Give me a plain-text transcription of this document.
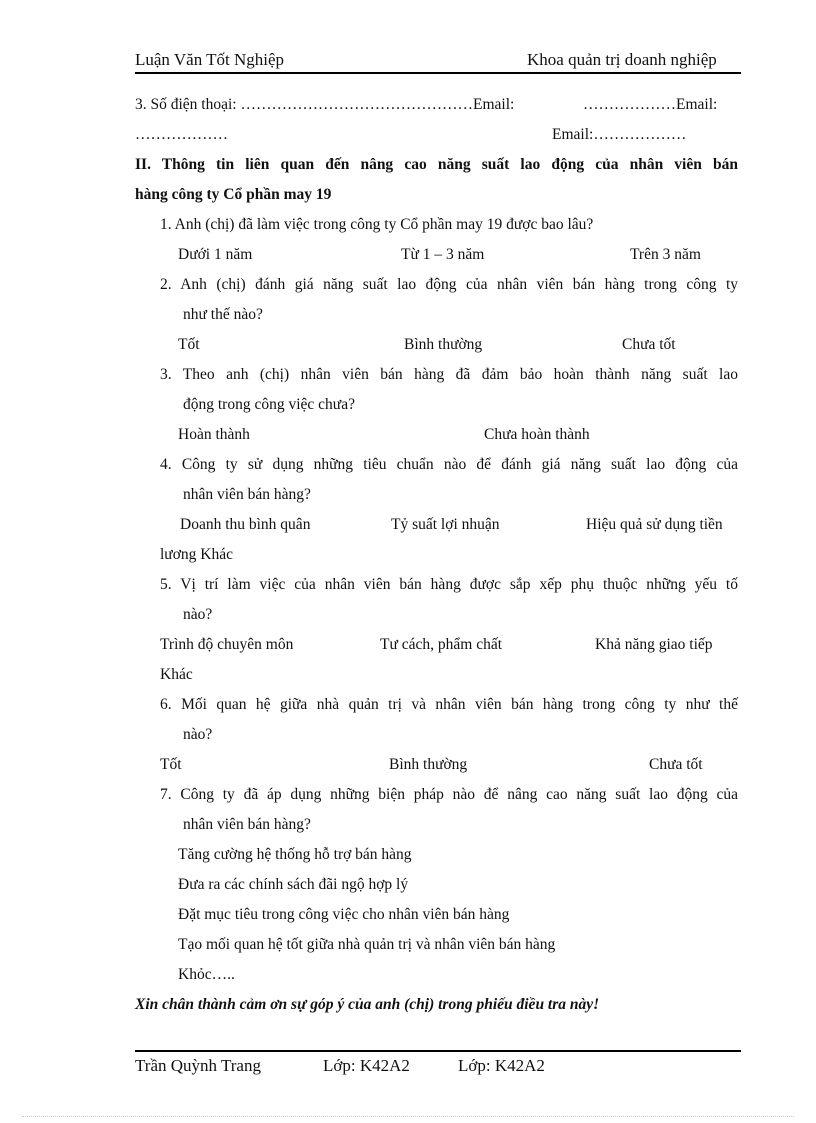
Luận Văn Tốt Nghiệp	Khoa quản trị doanh nghiệp
3. Số điện thoại: ………………………………………Email:	………………Email:
………………	Email:………………
II. Thông tin liên quan đến nâng cao năng suất lao động của nhân viên bán
hàng công ty Cổ phần may 19
1. Anh (chị) đã làm việc trong công ty Cổ phần may 19 được bao lâu?
Dưới 1 năm	Từ 1 – 3 năm	Trên 3 năm
2. Anh (chị) đánh giá năng suất lao động của nhân viên bán hàng trong công ty
như thế nào?
Tốt	Bình thường	Chưa tốt
3. Theo anh (chị) nhân viên bán hàng đã đảm bảo hoàn thành năng suất lao
động trong công việc chưa?
Hoàn thành	Chưa hoàn thành
4. Công ty sử dụng những tiêu chuẩn nào để đánh giá năng suất lao động của
nhân viên bán hàng?
Doanh thu bình quân	Tỷ suất lợi nhuận	Hiệu quả sử dụng tiền
lương Khác
5. Vị trí làm việc của nhân viên bán hàng được sắp xếp phụ thuộc những yếu tố
nào?
Trình độ chuyên môn	Tư cách, phẩm chất	Khả năng giao tiếp
Khác
6. Mối quan hệ giữa nhà quản trị và nhân viên bán hàng trong công ty như thế
nào?
Tốt	Bình thường	Chưa tốt
7. Công ty đã áp dụng những biện pháp nào để nâng cao năng suất lao động của
nhân viên bán hàng?
Tăng cường hệ thống hỗ trợ bán hàng
Đưa ra các chính sách đãi ngộ hợp lý
Đặt mục tiêu trong công việc cho nhân viên bán hàng
Tạo mối quan hệ tốt giữa nhà quản trị và nhân viên bán hàng
Khỏc…..
Xin chân thành cảm ơn sự góp ý của anh (chị) trong phiếu điều tra này!
Trần Quỳnh Trang	Lớp: K42A2	Lớp: K42A2
